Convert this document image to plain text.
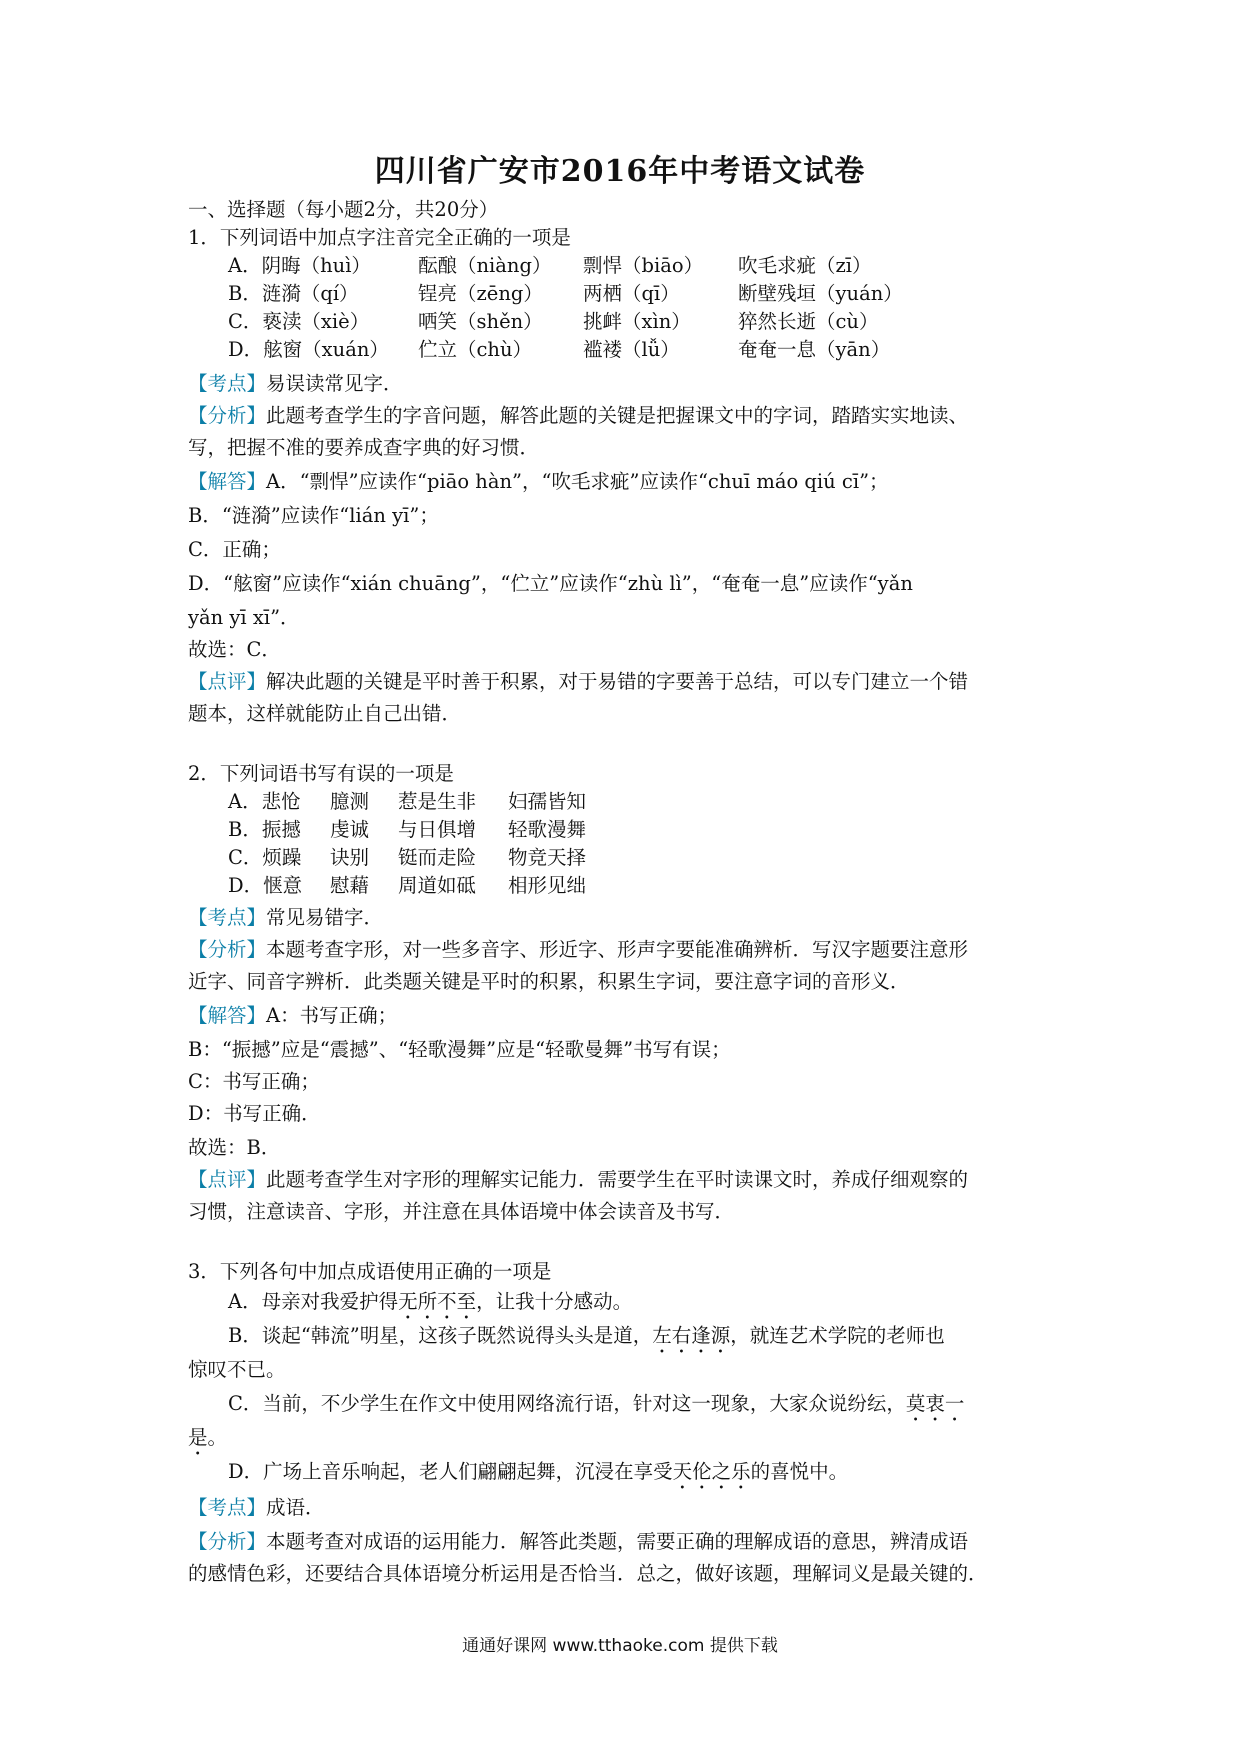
四川省广安市2016年中考语文试卷
一、选择题（每小题2分，共20分）
1．下列词语中加点字注音完全正确的一项是
A．阴晦（huì） 酝酿（niàng） 剽悍（biāo） 吹毛求疵（zī）
B．涟漪（qí）	锃亮（zēng） 两栖（qī）	断壁残垣（yuán）
C．亵渎（xiè）	哂笑（shěn） 挑衅（xìn） 猝然长逝（cù）
D．舷窗（xuán） 伫立（chù）	褴褛（lǚ）	奄奄一息（yān）
【考点】易误读常见字．
【分析】此题考查学生的字音问题，解答此题的关键是把握课文中的字词，踏踏实实地读、
写，把握不准的要养成查字典的好习惯．
【解答】A．“剽悍”应读作“piāo hàn”，“吹毛求疵”应读作“chuī máo qiú cī”；
B．“涟漪”应读作“lián yī”；
C．正确；
D．“舷窗”应读作“xián chuāng”，“伫立”应读作“zhù lì”，“奄奄一息”应读作“yǎn
yǎn yī xī”．
故选：C．
【点评】解决此题的关键是平时善于积累，对于易错的字要善于总结，可以专门建立一个错
题本，这样就能防止自己出错．
2．下列词语书写有误的一项是
A．悲怆 臆测 惹是生非 妇孺皆知
B．振撼 虔诚 与日俱增 轻歌漫舞
C．烦躁 诀别 铤而走险 物竞天择
D．惬意 慰藉 周道如砥 相形见绌
【考点】常见易错字．
【分析】本题考查字形，对一些多音字、形近字、形声字要能准确辨析．写汉字题要注意形
近字、同音字辨析．此类题关键是平时的积累，积累生字词，要注意字词的音形义．
【解答】A：书写正确；
B：“振撼”应是“震撼”、“轻歌漫舞”应是“轻歌曼舞”书写有误；
C：书写正确；
D：书写正确．
故选：B．
【点评】此题考查学生对字形的理解实记能力．需要学生在平时读课文时，养成仔细观察的
习惯，注意读音、字形，并注意在具体语境中体会读音及书写．
3．下列各句中加点成语使用正确的一项是
A．母亲对我爱护得无所不至，让我十分感动。
B．谈起“韩流”明星，这孩子既然说得头头是道，左右逢源，就连艺术学院的老师也
惊叹不已。
C．当前，不少学生在作文中使用网络流行语，针对这一现象，大家众说纷纭，莫衷一
是。
D．广场上音乐响起，老人们翩翩起舞，沉浸在享受天伦之乐的喜悦中。
【考点】成语．
【分析】本题考查对成语的运用能力．解答此类题，需要正确的理解成语的意思，辨清成语
的感情色彩，还要结合具体语境分析运用是否恰当．总之，做好该题，理解词义是最关键的．
通通好课网 www.tthaoke.com 提供下载
